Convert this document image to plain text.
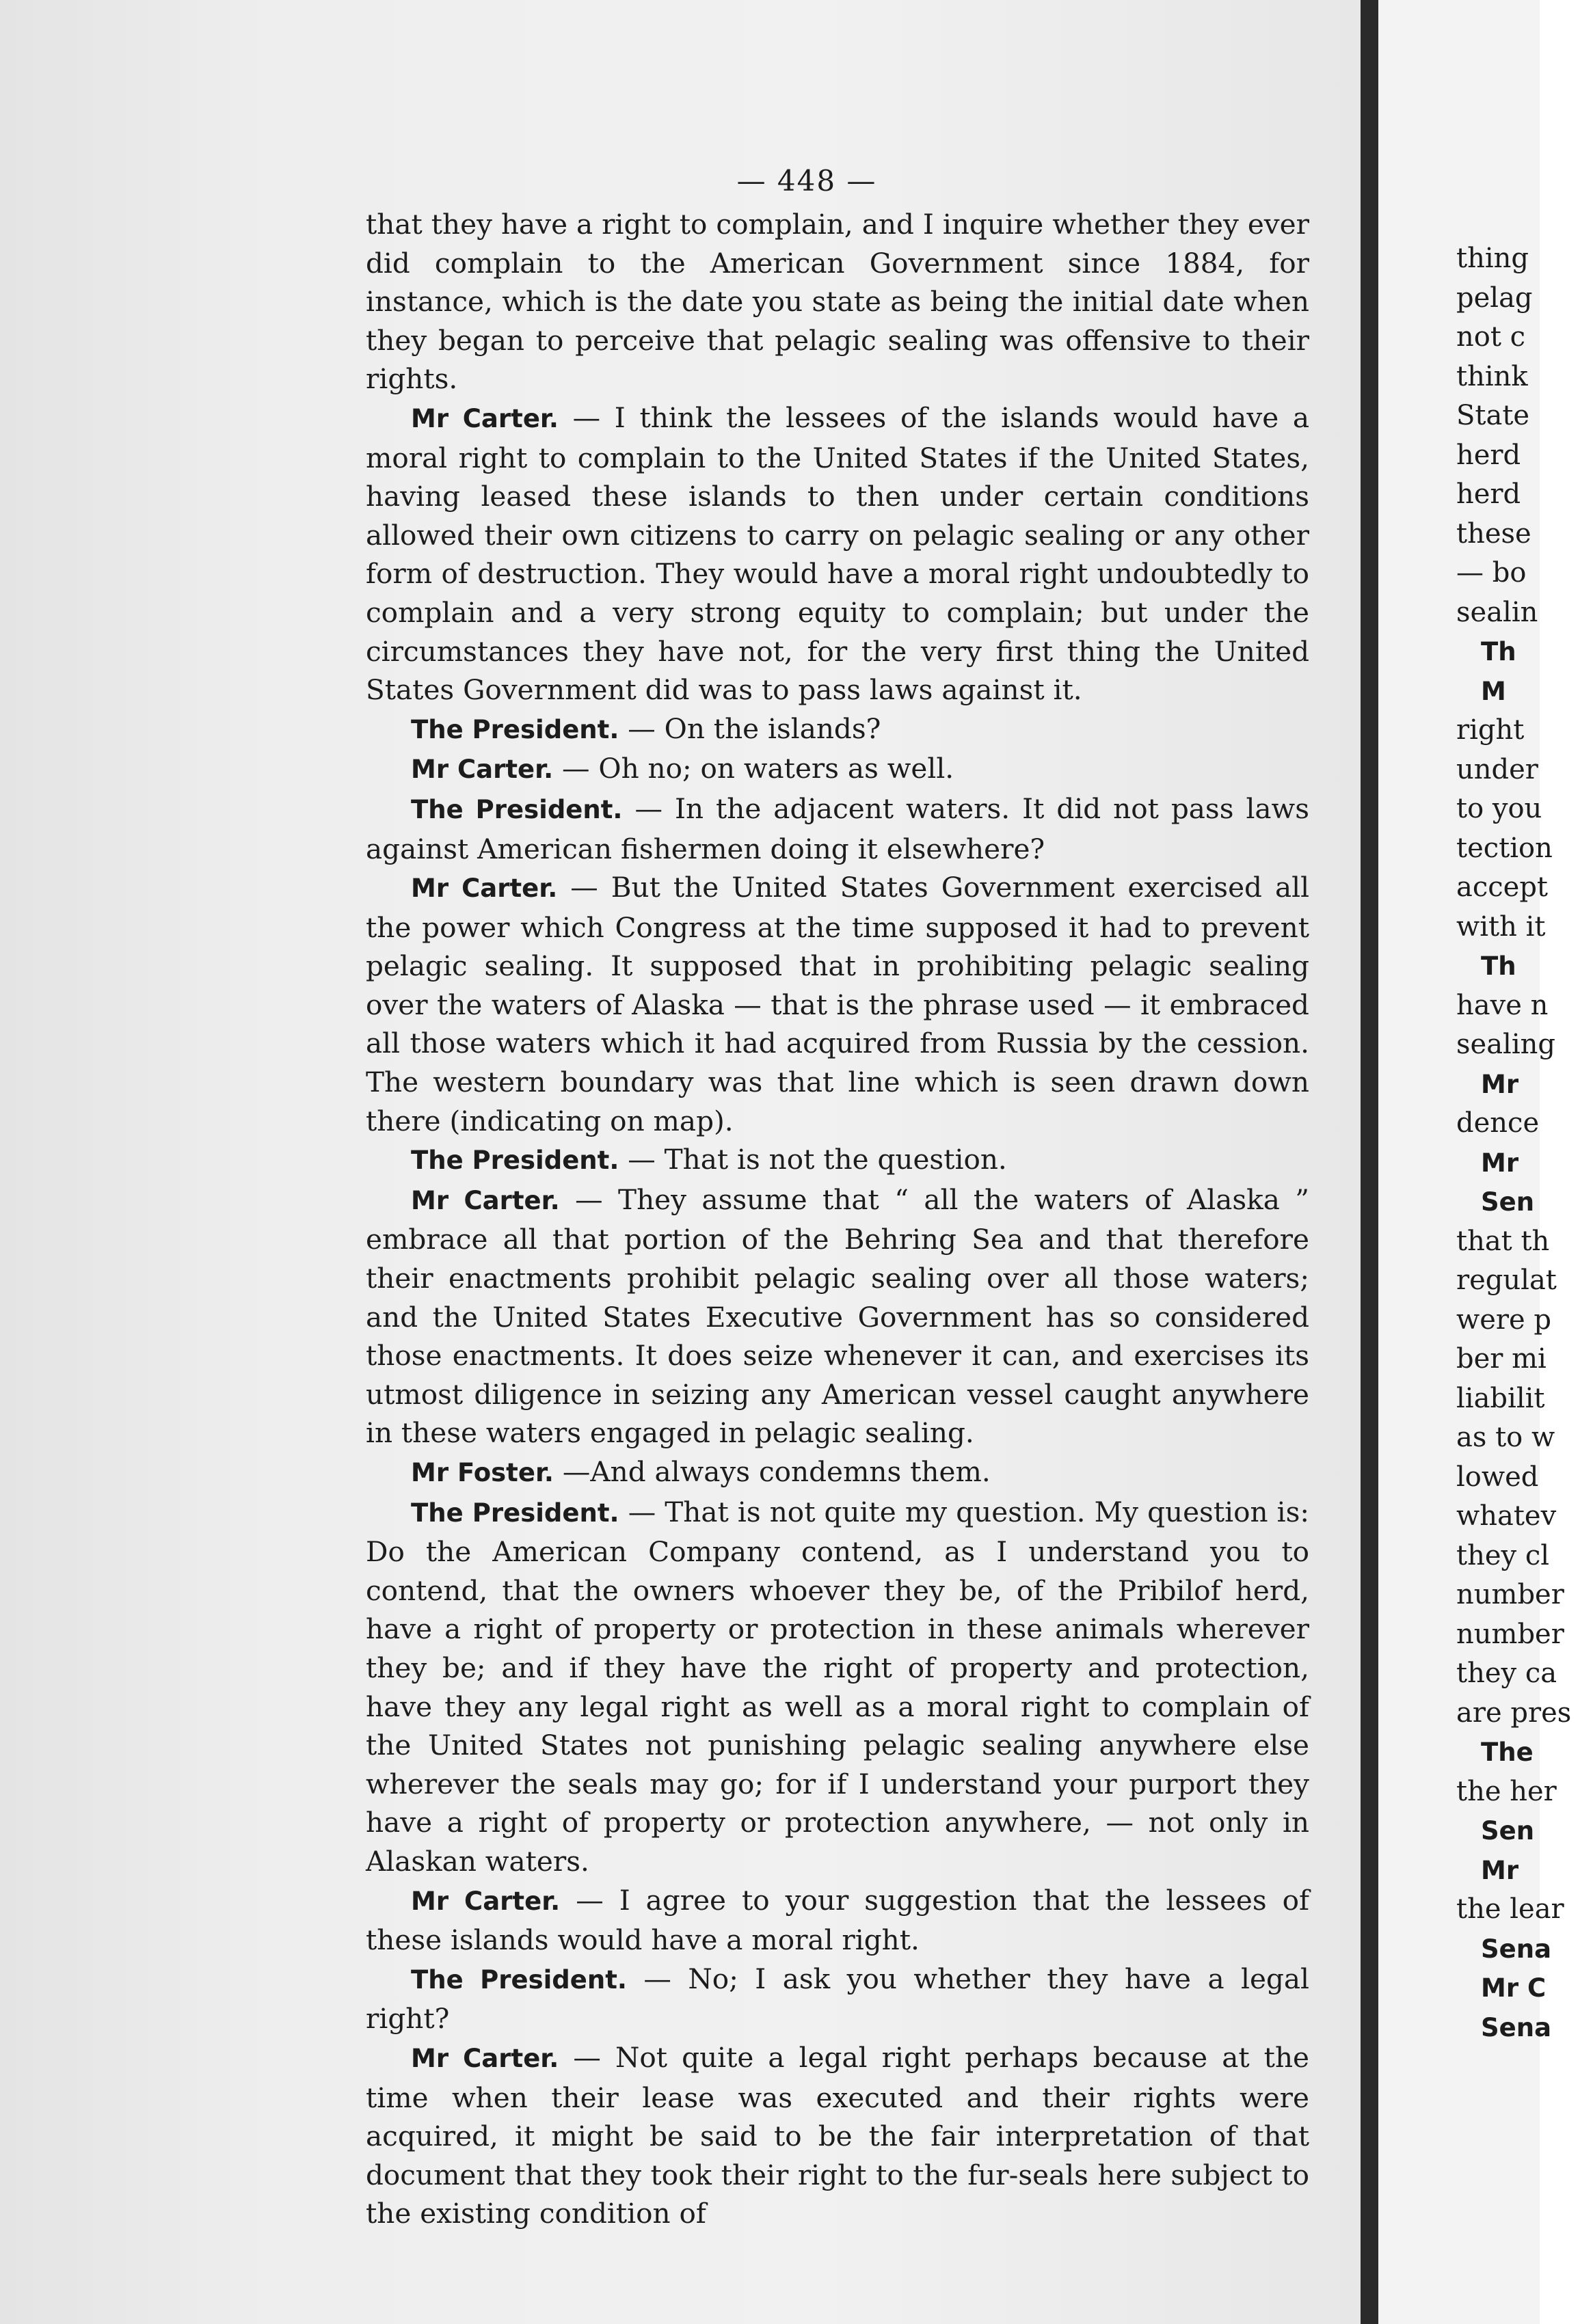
— 448 —

that they have a right to complain, and I inquire whether they ever did complain to the American Government since 1884, for instance, which is the date you state as being the initial date when they began to perceive that pelagic sealing was offensive to their rights.

Mr Carter. — I think the lessees of the islands would have a moral right to complain to the United States if the United States, having leased these islands to then under certain conditions allowed their own citizens to carry on pelagic sealing or any other form of destruction. They would have a moral right undoubtedly to complain and a very strong equity to complain; but under the circumstances they have not, for the very first thing the United States Government did was to pass laws against it.

The President. — On the islands?

Mr Carter. — Oh no; on waters as well.

The President. — In the adjacent waters. It did not pass laws against American fishermen doing it elsewhere?

Mr Carter. — But the United States Government exercised all the power which Congress at the time supposed it had to prevent pelagic sealing. It supposed that in prohibiting pelagic sealing over the waters of Alaska — that is the phrase used — it embraced all those waters which it had acquired from Russia by the cession. The western boundary was that line which is seen drawn down there (indicating on map).

The President. — That is not the question.

Mr Carter. — They assume that “ all the waters of Alaska ” embrace all that portion of the Behring Sea and that therefore their enactments prohibit pelagic sealing over all those waters; and the United States Executive Government has so considered those enactments. It does seize whenever it can, and exercises its utmost diligence in seizing any American vessel caught anywhere in these waters engaged in pelagic sealing.

Mr Foster. —And always condemns them.

The President. — That is not quite my question. My question is: Do the American Company contend, as I understand you to contend, that the owners whoever they be, of the Pribilof herd, have a right of property or protection in these animals wherever they be; and if they have the right of property and protection, have they any legal right as well as a moral right to complain of the United States not punishing pelagic sealing anywhere else wherever the seals may go; for if I understand your purport they have a right of property or protection anywhere, — not only in Alaskan waters.

Mr Carter. — I agree to your suggestion that the lessees of these islands would have a moral right.

The President. — No; I ask you whether they have a legal right?

Mr Carter. — Not quite a legal right perhaps because at the time when their lease was executed and their rights were acquired, it might be said to be the fair interpretation of that document that they took their right to the fur-seals here subject to the existing condition of

thing
pelag
not c
think
State
herd
herd
these
— bo
sealin
Th
M
right
under
to you
tection
accept
with it
Th
have n
sealing
Mr
dence
Mr
Sen
that th
regulat
were p
ber mi
liabilit
as to w
lowed
whatev
they cl
number
number
they ca
are pres
The
the her
Sen
Mr
the lear
Sena
Mr C
Sena
